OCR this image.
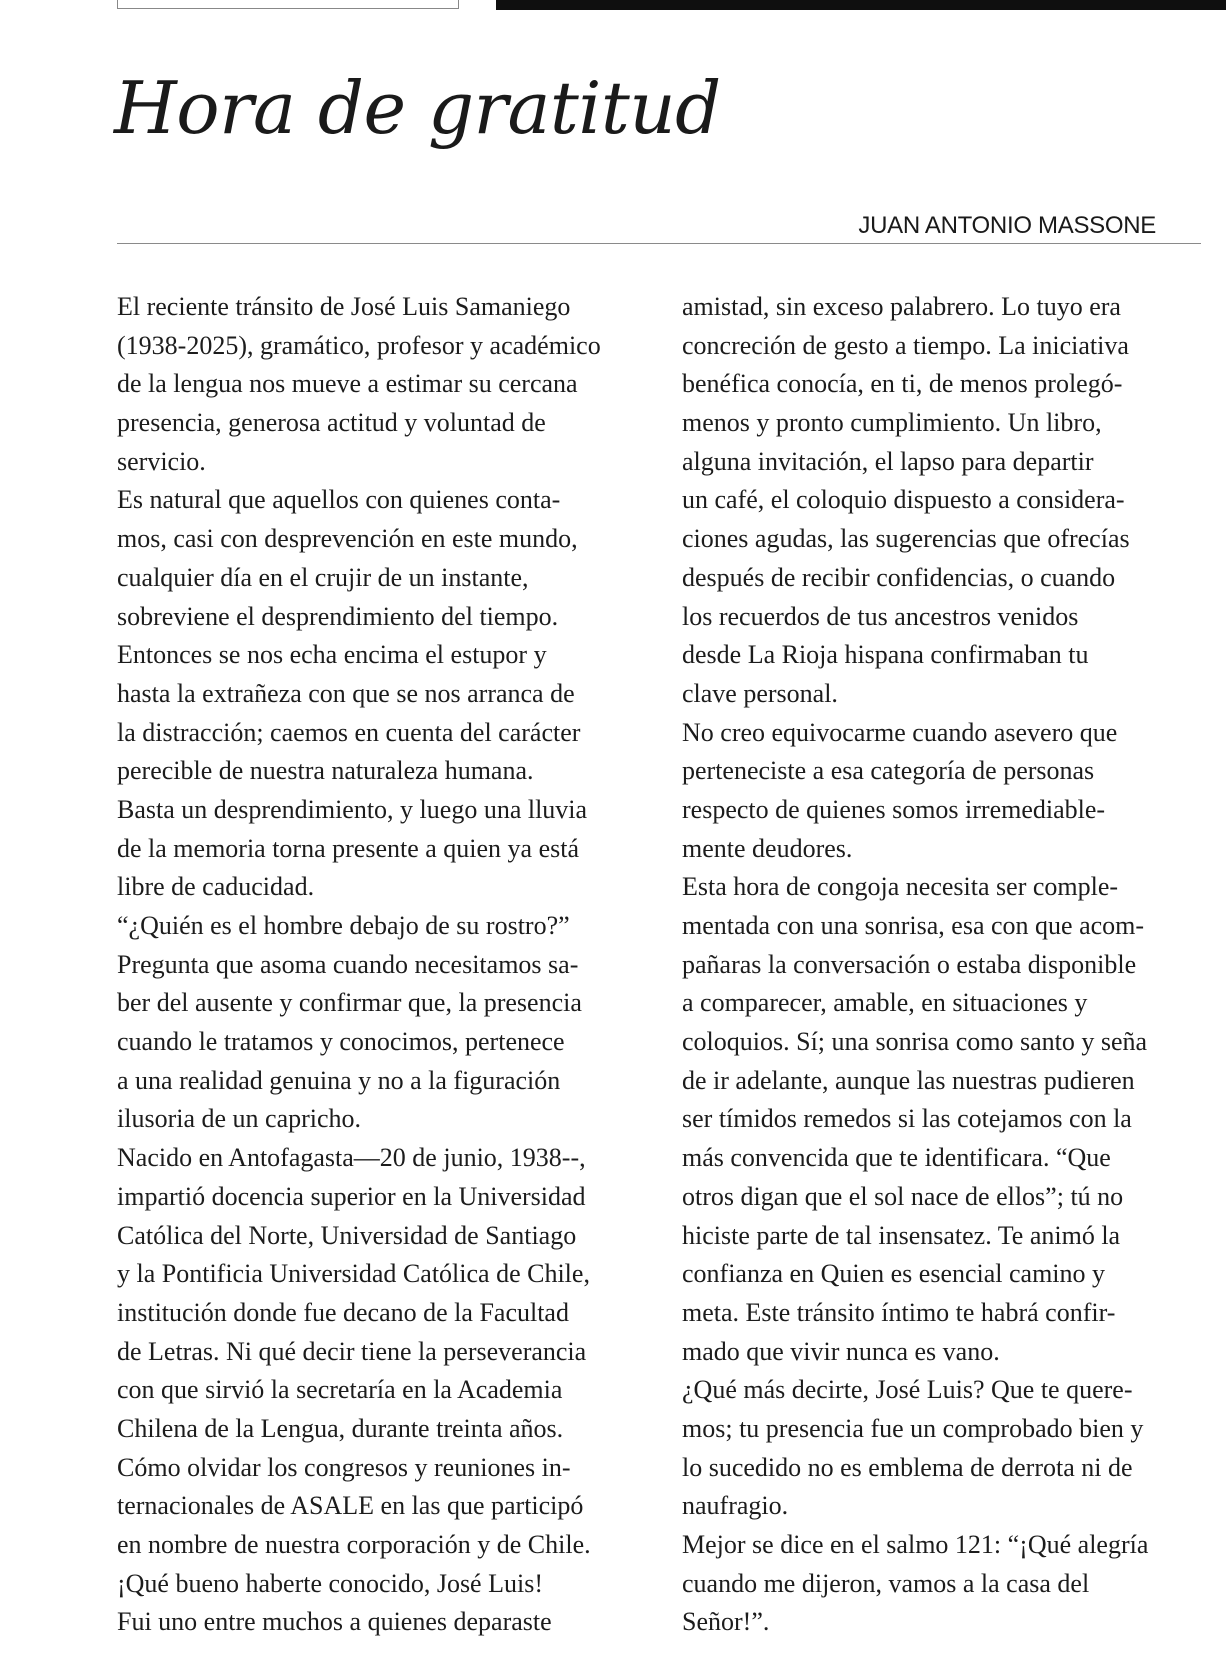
Hora de gratitud
JUAN ANTONIO MASSONE
El reciente tránsito de José Luis Samaniego
(1938-2025), gramático, profesor y académico
de la lengua nos mueve a estimar su cercana
presencia, generosa actitud y voluntad de
servicio.
Es natural que aquellos con quienes conta-
mos, casi con desprevención en este mundo,
cualquier día en el crujir de un instante,
sobreviene el desprendimiento del tiempo.
Entonces se nos echa encima el estupor y
hasta la extrañeza con que se nos arranca de
la distracción; caemos en cuenta del carácter
perecible de nuestra naturaleza humana.
Basta un desprendimiento, y luego una lluvia
de la memoria torna presente a quien ya está
libre de caducidad.
“¿Quién es el hombre debajo de su rostro?”
Pregunta que asoma cuando necesitamos sa-
ber del ausente y confirmar que, la presencia
cuando le tratamos y conocimos, pertenece
a una realidad genuina y no a la figuración
ilusoria de un capricho.
Nacido en Antofagasta—20 de junio, 1938--,
impartió docencia superior en la Universidad
Católica del Norte, Universidad de Santiago
y la Pontificia Universidad Católica de Chile,
institución donde fue decano de la Facultad
de Letras. Ni qué decir tiene la perseverancia
con que sirvió la secretaría en la Academia
Chilena de la Lengua, durante treinta años.
Cómo olvidar los congresos y reuniones in-
ternacionales de ASALE en las que participó
en nombre de nuestra corporación y de Chile.
¡Qué bueno haberte conocido, José Luis!
Fui uno entre muchos a quienes deparaste
amistad, sin exceso palabrero. Lo tuyo era
concreción de gesto a tiempo. La iniciativa
benéfica conocía, en ti, de menos prolegó-
menos y pronto cumplimiento. Un libro,
alguna invitación, el lapso para departir
un café, el coloquio dispuesto a considera-
ciones agudas, las sugerencias que ofrecías
después de recibir confidencias, o cuando
los recuerdos de tus ancestros venidos
desde La Rioja hispana confirmaban tu
clave personal.
No creo equivocarme cuando asevero que
perteneciste a esa categoría de personas
respecto de quienes somos irremediable-
mente deudores.
Esta hora de congoja necesita ser comple-
mentada con una sonrisa, esa con que acom-
pañaras la conversación o estaba disponible
a comparecer, amable, en situaciones y
coloquios. Sí; una sonrisa como santo y seña
de ir adelante, aunque las nuestras pudieren
ser tímidos remedos si las cotejamos con la
más convencida que te identificara. “Que
otros digan que el sol nace de ellos”; tú no
hiciste parte de tal insensatez. Te animó la
confianza en Quien es esencial camino y
meta. Este tránsito íntimo te habrá confir-
mado que vivir nunca es vano.
¿Qué más decirte, José Luis? Que te quere-
mos; tu presencia fue un comprobado bien y
lo sucedido no es emblema de derrota ni de
naufragio.
Mejor se dice en el salmo 121: “¡Qué alegría
cuando me dijeron, vamos a la casa del
Señor!”.
